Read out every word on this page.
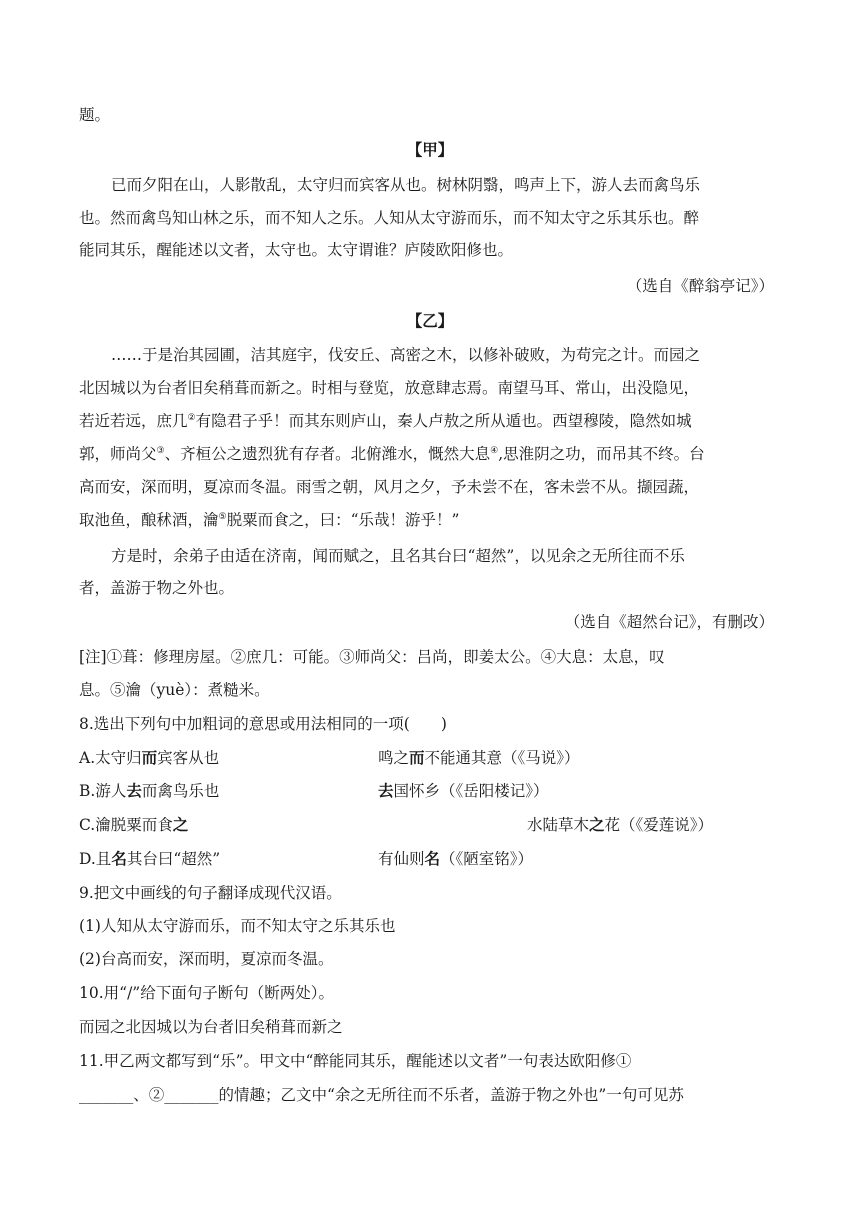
题。
【甲】
已而夕阳在山，人影散乱，太守归而宾客从也。树林阴翳，鸣声上下，游人去而禽鸟乐
也。然而禽鸟知山林之乐，而不知人之乐。人知从太守游而乐，而不知太守之乐其乐也。醉
能同其乐，醒能述以文者，太守也。太守谓谁？庐陵欧阳修也。
（选自《醉翁亭记》）
【乙】
……于是治其园圃，洁其庭宇，伐安丘、高密之木，以修补破败，为苟完之计。而园之
北因城以为台者旧矣稍葺而新之。时相与登览，放意肆志焉。南望马耳、常山，出没隐见，
若近若远，庶几②有隐君子乎！而其东则庐山，秦人卢敖之所从遁也。西望穆陵，隐然如城
郭，师尚父③、齐桓公之遗烈犹有存者。北俯潍水，慨然大息④,思淮阴之功，而吊其不终。台
高而安，深而明，夏凉而冬温。雨雪之朝，风月之夕，予未尝不在，客未尝不从。撷园蔬，
取池鱼，酿秫酒，瀹⑤脱粟而食之，曰：“乐哉！游乎！”
方是时，余弟子由适在济南，闻而赋之，且名其台曰“超然”，以见余之无所往而不乐
者，盖游于物之外也。
（选自《超然台记》，有删改）
[注]①葺：修理房屋。②庶几：可能。③师尚父：吕尚，即姜太公。④大息：太息，叹
息。⑤瀹（yuè）：煮糙米。
8.选出下列句中加粗词的意思或用法相同的一项(　　)
A.太守归而宾客从也	鸣之而不能通其意（《马说》）
B.游人去而禽鸟乐也	去国怀乡（《岳阳楼记》）
C.瀹脱粟而食之	水陆草木之花（《爱莲说》）
D.且名其台曰“超然”	有仙则名（《陋室铭》）
9.把文中画线的句子翻译成现代汉语。
(1)人知从太守游而乐，而不知太守之乐其乐也
(2)台高而安，深而明，夏凉而冬温。
10.用“/”给下面句子断句（断两处）。
而园之北因城以为台者旧矣稍葺而新之
11.甲乙两文都写到“乐”。甲文中“醉能同其乐，醒能述以文者”一句表达欧阳修①
_______、②_______的情趣；乙文中“余之无所往而不乐者，盖游于物之外也”一句可见苏
